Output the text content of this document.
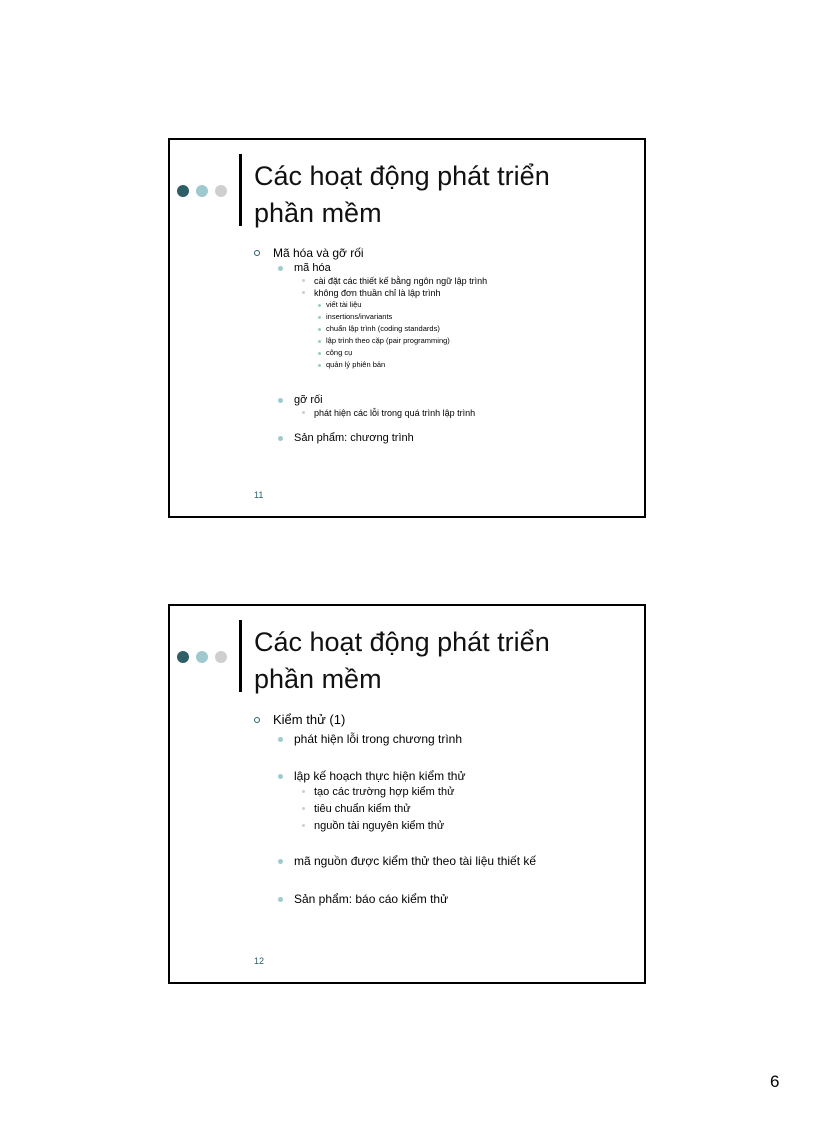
Các hoạt động phát triển
phần mềm
Mã hóa và gỡ rối
mã hóa
cài đặt các thiết kế bằng ngôn ngữ lập trình
không đơn thuần chỉ là lập trình
viết tài liệu
insertions/invariants
chuẩn lập trình (coding standards)
lập trình theo cặp (pair programming)
công cụ
quản lý phiên bản
gỡ rối
phát hiện các lỗi trong quá trình lập trình
Sản phẩm: chương trình
11
Các hoạt động phát triển
phần mềm
Kiểm thử (1)
phát hiện lỗi trong chương trình
lập kế hoạch thực hiện kiểm thử
tạo các trường hợp kiểm thử
tiêu chuẩn kiểm thử
nguồn tài nguyên kiểm thử
mã nguồn được kiểm thử theo tài liệu thiết kế
Sản phẩm: báo cáo kiểm thử
12
6
